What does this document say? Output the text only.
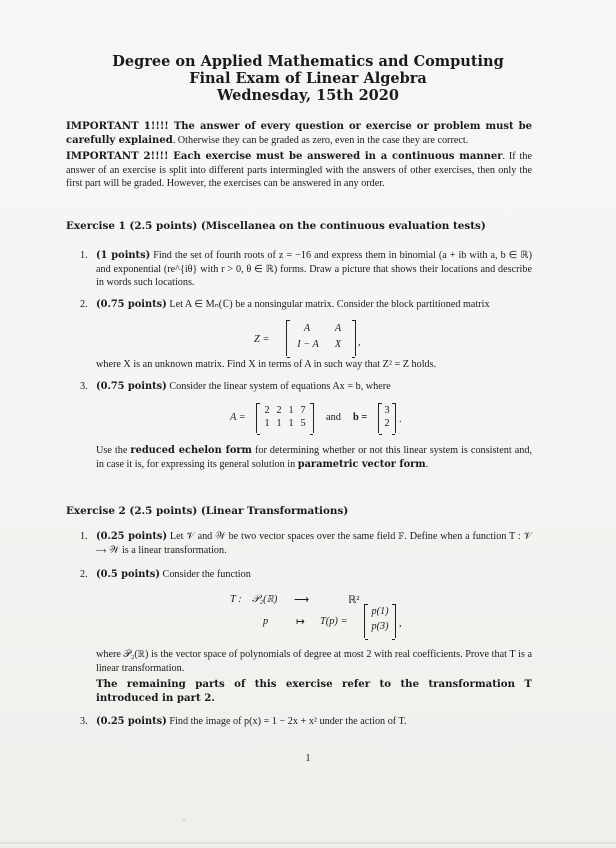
Degree on Applied Mathematics and Computing
Final Exam of Linear Algebra
Wednesday, 15th 2020
IMPORTANT 1!!!! The answer of every question or exercise or problem must be carefully explained. Otherwise they can be graded as zero, even in the case they are correct.
IMPORTANT 2!!!! Each exercise must be answered in a continuous manner. If the answer of an exercise is split into different parts intermingled with the answers of other exercises, then only the first part will be graded. However, the exercises can be answered in any order.
Exercise 1 (2.5 points) (Miscellanea on the continuous evaluation tests)
1. (1 points) Find the set of fourth roots of z = −16 and express them in binomial (a + ib with a, b ∈ ℝ) and exponential (re^{iθ} with r > 0, θ ∈ ℝ) forms. Draw a picture that shows their locations and describe in words such locations.
2. (0.75 points) Let A ∈ Mₙ(ℂ) be a nonsingular matrix. Consider the block partitioned matrix
Z =
A	A
I − A	X	,
where X is an unknown matrix. Find X in terms of A in such way that Z² = Z holds.
3. (0.75 points) Consider the linear system of equations Ax = b, where
A =
2 2 1 7
1 1 1 5
and b =
3
2 .
Use the reduced echelon form for determining whether or not this linear system is consistent and, in case it is, for expressing its general solution in parametric vector form.
Exercise 2 (2.5 points) (Linear Transformations)
1. (0.25 points) Let 𝒱 and 𝒲 be two vector spaces over the same field 𝔽. Define when a function T : 𝒱 ⟶ 𝒲 is a linear transformation.
2. (0.5 points) Consider the function
T : 𝒫₂(ℝ) ⟶	ℝ²
p	↦ T(p) =
p(1)
p(3)	,
where 𝒫₂(ℝ) is the vector space of polynomials of degree at most 2 with real coefficients. Prove that T is a linear transformation.
The remaining parts of this exercise refer to the transformation T introduced in part 2.
3. (0.25 points) Find the image of p(x) = 1 − 2x + x² under the action of T.
1
